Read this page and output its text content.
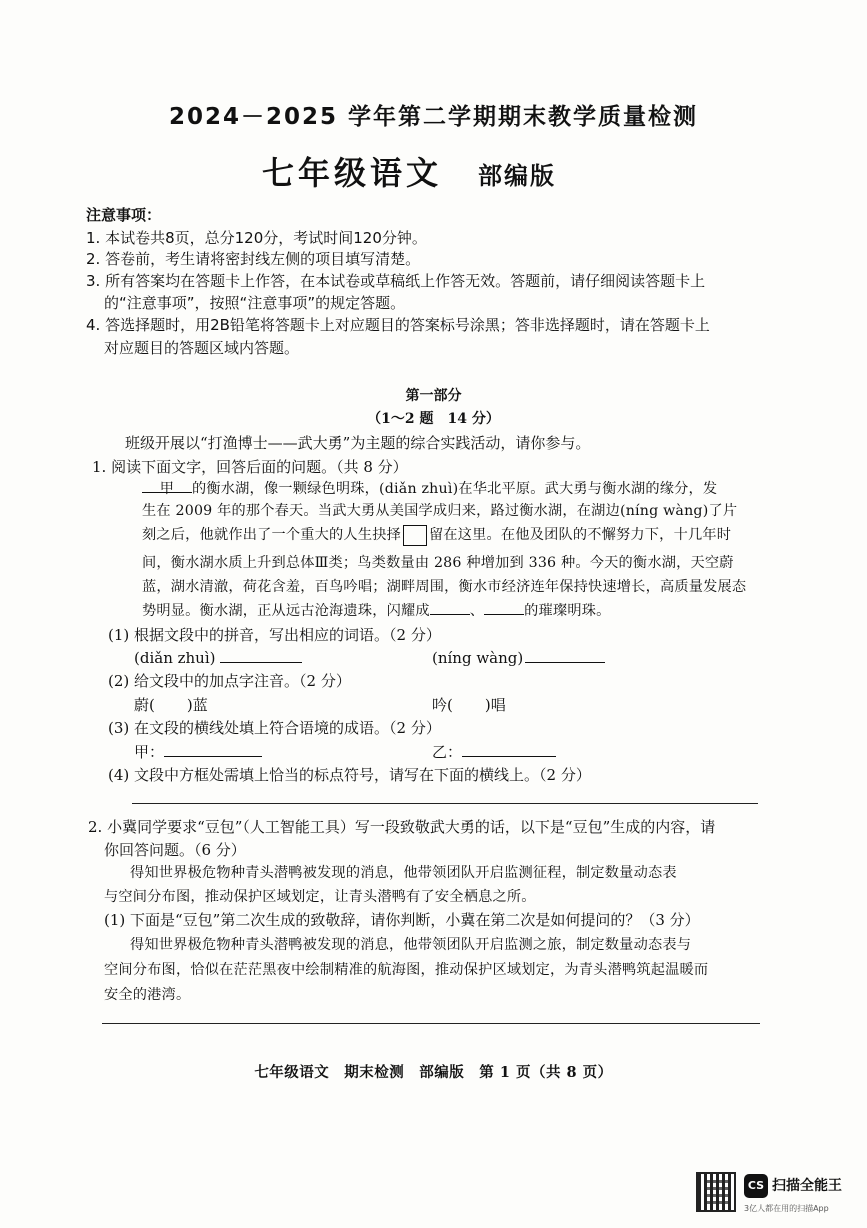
2024－2025 学年第二学期期末教学质量检测
七年级语文 部编版
注意事项：
1. 本试卷共8页，总分120分，考试时间120分钟。
2. 答卷前，考生请将密封线左侧的项目填写清楚。
3. 所有答案均在答题卡上作答，在本试卷或草稿纸上作答无效。答题前，请仔细阅读答题卡上
的“注意事项”，按照“注意事项”的规定答题。
4. 答选择题时，用2B铅笔将答题卡上对应题目的答案标号涂黑；答非选择题时，请在答题卡上
对应题目的答题区域内答题。
第一部分
（1～2 题　14 分）
班级开展以“打渔博士——武大勇”为主题的综合实践活动，请你参与。
1. 阅读下面文字，回答后面的问题。（共 8 分）
甲 的衡水湖，像一颗绿色明珠，(diǎn zhuì)在华北平原。武大勇与衡水湖的缘分，发
生在 2009 年的那个春天。当武大勇从美国学成归来，路过衡水湖，在湖边(níng wàng)了片
刻之后，他就作出了一个重大的人生抉择 留在这里。在他及团队的不懈努力下，十几年时
间，衡水湖水质上升到总体Ⅲ类；鸟类数量由 286 种增加到 336 种。今天的衡水湖，天空蔚
蓝，湖水清澈，荷花含羞，百鸟吟唱；湖畔周围，衡水市经济连年保持快速增长，高质量发展态
势明显。衡水湖，正从远古沧海遗珠，闪耀成	、	的璀璨明珠。
(1) 根据文段中的拼音，写出相应的词语。（2 分）
(diǎn zhuì)	(níng wàng)
(2) 给文段中的加点字注音。（2 分）
蔚( )蓝	吟( )唱
(3) 在文段的横线处填上符合语境的成语。（2 分）
甲：	乙：
(4) 文段中方框处需填上恰当的标点符号，请写在下面的横线上。（2 分）
2. 小冀同学要求“豆包”（人工智能工具）写一段致敬武大勇的话，以下是“豆包”生成的内容，请
你回答问题。（6 分）
得知世界极危物种青头潜鸭被发现的消息，他带领团队开启监测征程，制定数量动态表
与空间分布图，推动保护区域划定，让青头潜鸭有了安全栖息之所。
(1) 下面是“豆包”第二次生成的致敬辞，请你判断，小冀在第二次是如何提问的？（3 分）
得知世界极危物种青头潜鸭被发现的消息，他带领团队开启监测之旅，制定数量动态表与
空间分布图，恰似在茫茫黑夜中绘制精准的航海图，推动保护区域划定，为青头潜鸭筑起温暖而
安全的港湾。
七年级语文　期末检测　部编版　第 1 页（共 8 页）
CS 扫描全能王
3亿人都在用的扫描App
